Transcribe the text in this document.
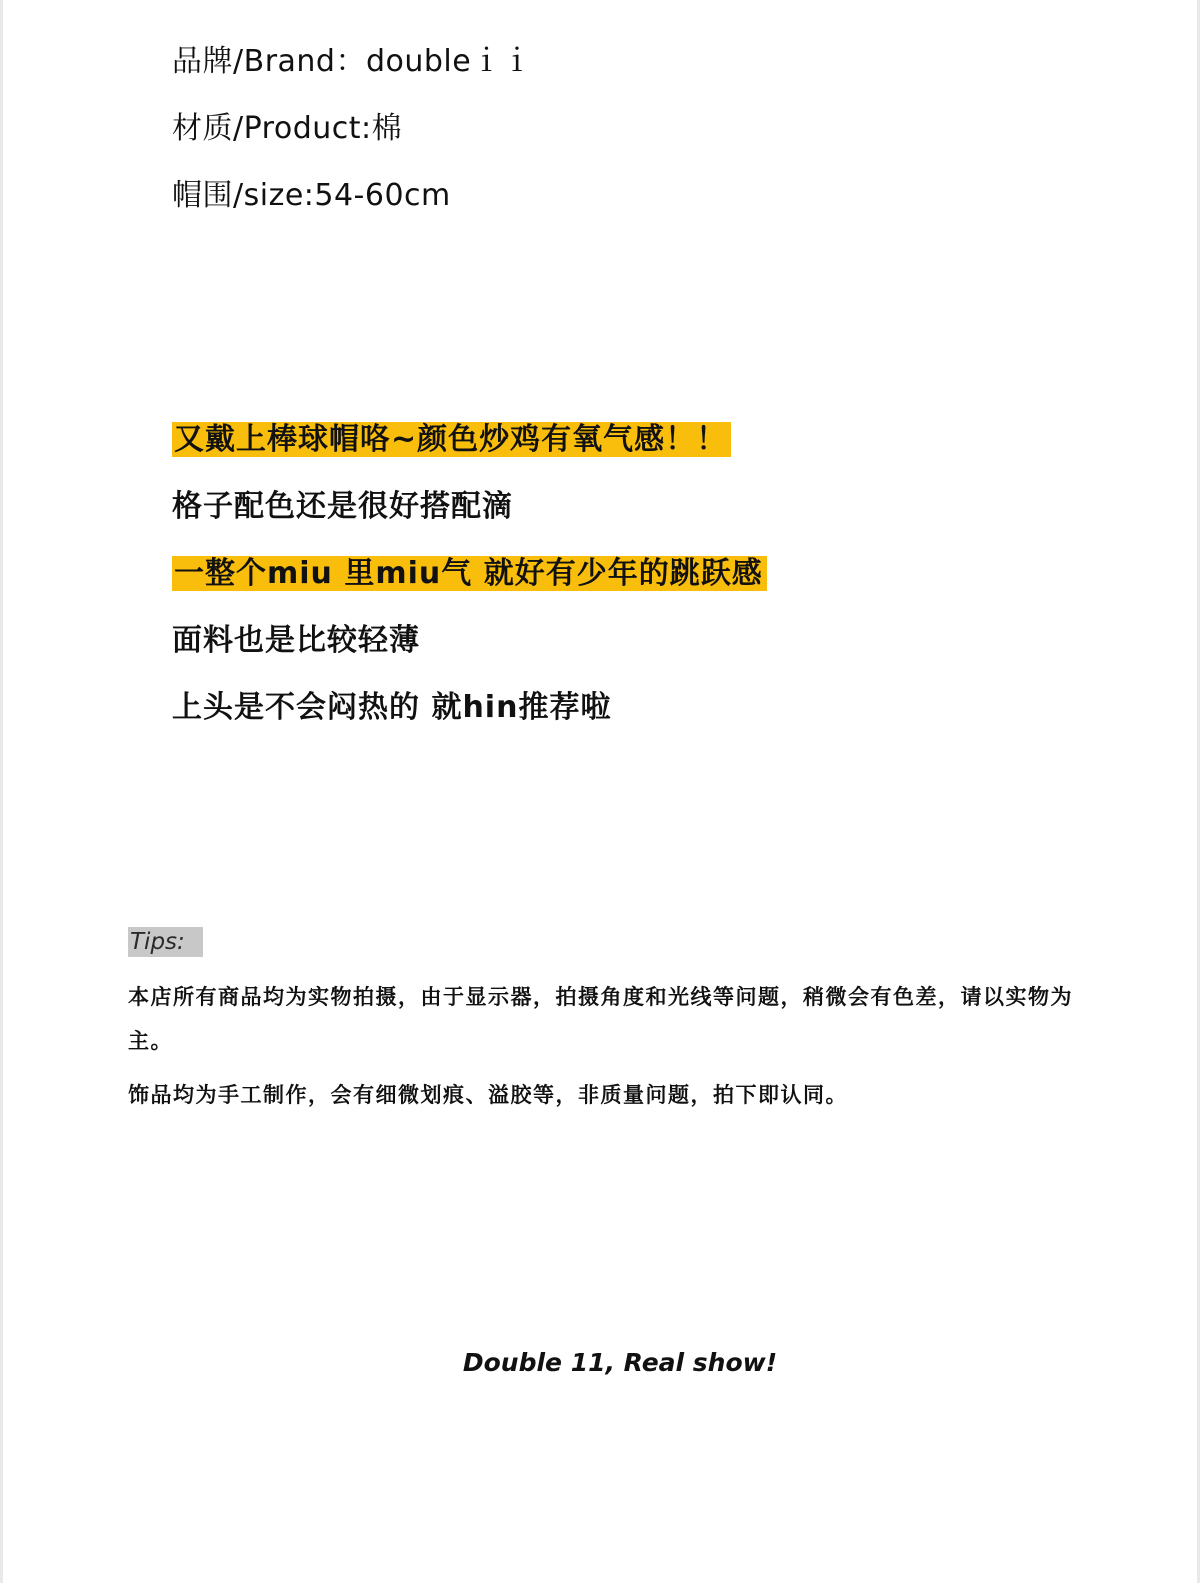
品牌/Brand：doubleｉｉ
材质/Product:棉
帽围/size:54-60cm
又戴上棒球帽咯~颜色炒鸡有氧气感！！
格子配色还是很好搭配滴
一整个miu 里miu气 就好有少年的跳跃感
面料也是比较轻薄
上头是不会闷热的 就hin推荐啦
Tips:
本店所有商品均为实物拍摄，由于显示器，拍摄角度和光线等问题，稍微会有色差，请以实物为主。
饰品均为手工制作，会有细微划痕、溢胶等，非质量问题，拍下即认同。
Double 11, Real show!
